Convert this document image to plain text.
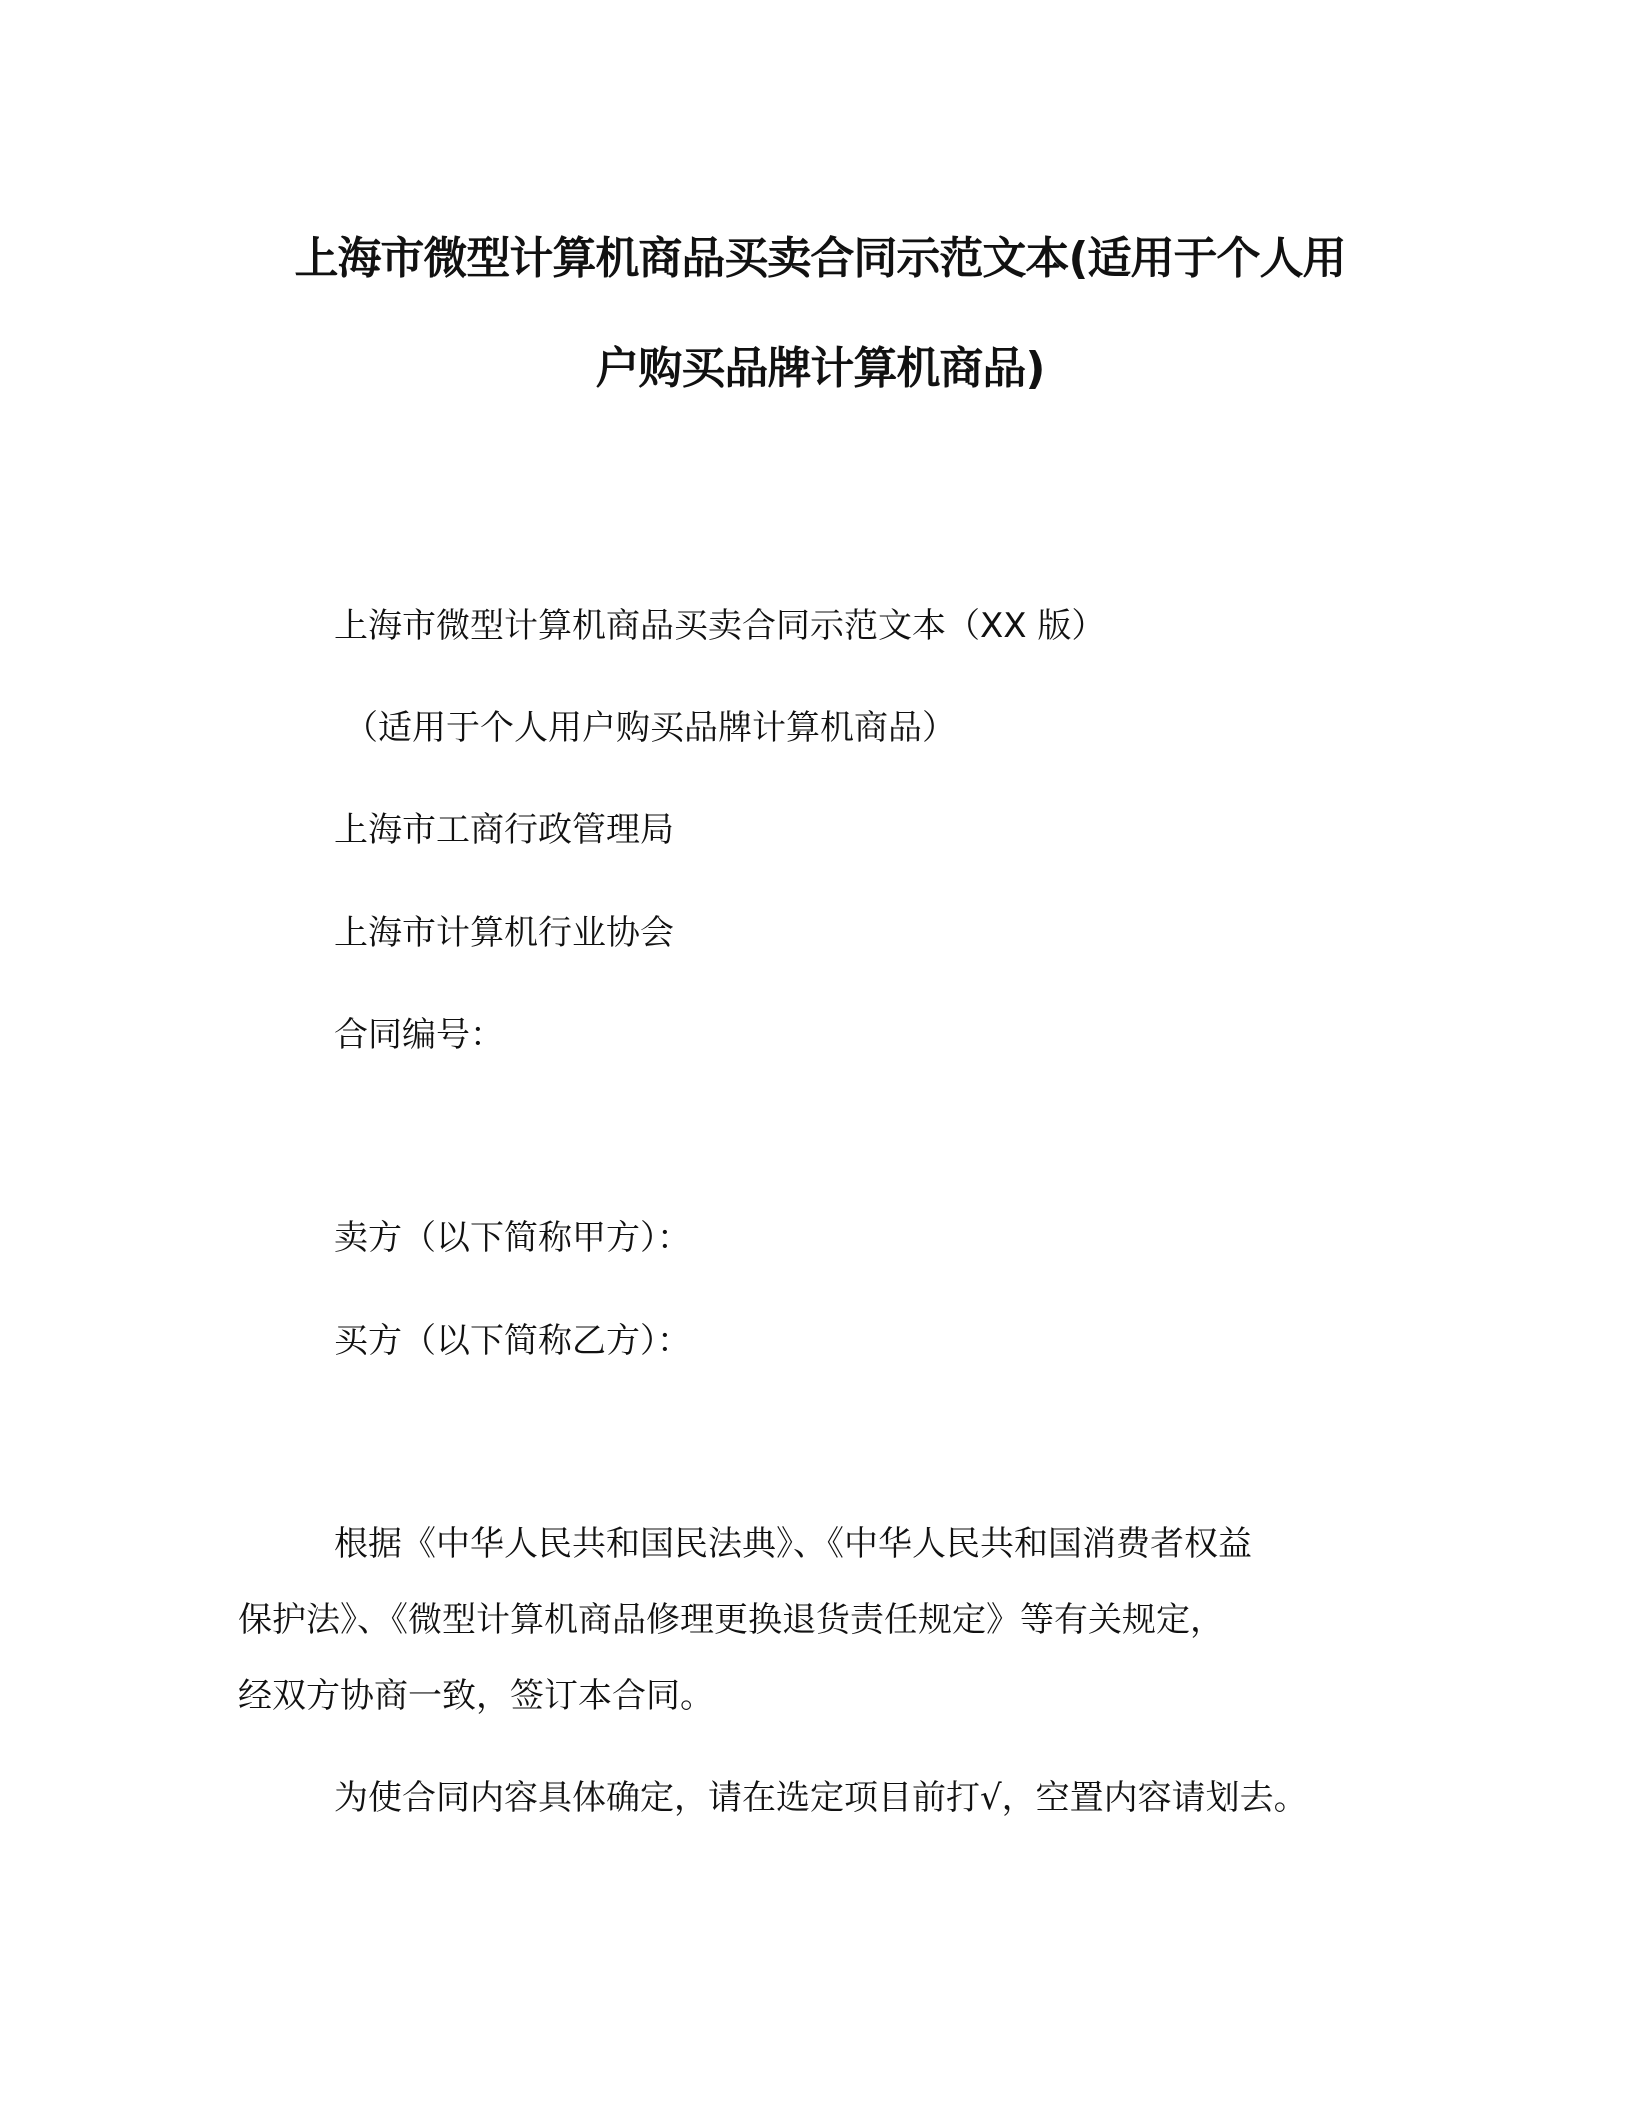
上海市微型计算机商品买卖合同示范文本(适用于个人用
户购买品牌计算机商品)
上海市微型计算机商品买卖合同示范文本（XX 版）
（适用于个人用户购买品牌计算机商品）
上海市工商行政管理局
上海市计算机行业协会
合同编号：
卖方（以下简称甲方）：
买方（以下简称乙方）：
根据《中华人民共和国民法典》、《中华人民共和国消费者权益
保护法》、《微型计算机商品修理更换退货责任规定》等有关规定，
经双方协商一致，签订本合同。
为使合同内容具体确定，请在选定项目前打√，空置内容请划去。
